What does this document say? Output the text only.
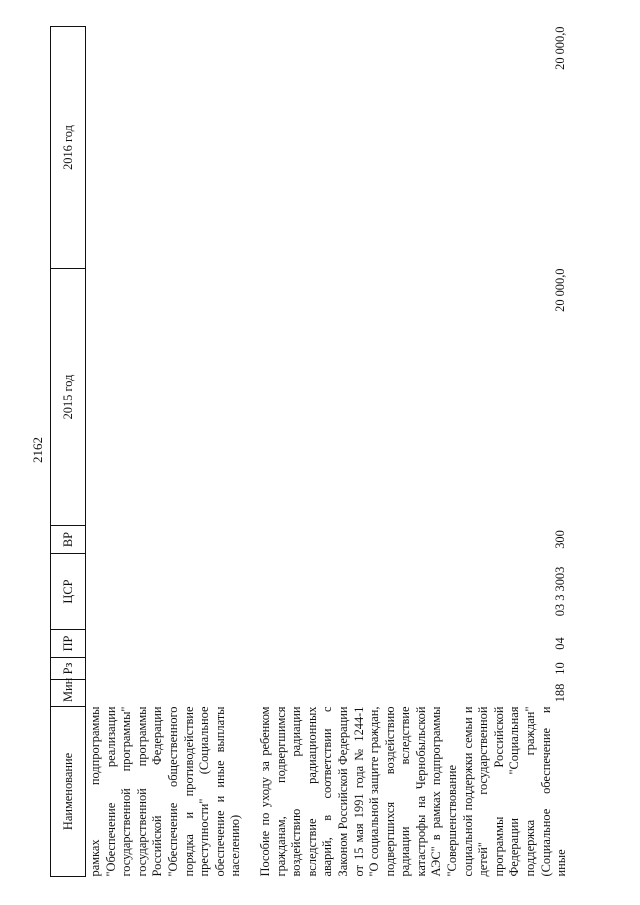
2162
Наименование	Мин	Рз	ПР	ЦСР	ВР	2015 год	2016 год
рамках подпрограммы "Обеспечение реализации государственной программы" государственной программы Российской Федерации "Обеспечение общественного порядка и противодействие преступности" (Социальное обеспечение и иные выплаты населению)							

Пособие по уходу за ребенком гражданам, подвергшимся воздействию радиации вследствие радиационных аварий, в соответствии с Законом Российской Федерации от 15 мая 1991 года № 1244-1 "О социальной защите граждан, подвергшихся воздействию радиации вследствие катастрофы на Чернобыльской АЭС" в рамках подпрограммы "Совершенствование социальной поддержки семьи и детей" государственной программы Российской Федерации "Социальная поддержка граждан" (Социальное обеспечение и иные	188	10	04	03 3 3003	300	20 000,0	20 000,0
